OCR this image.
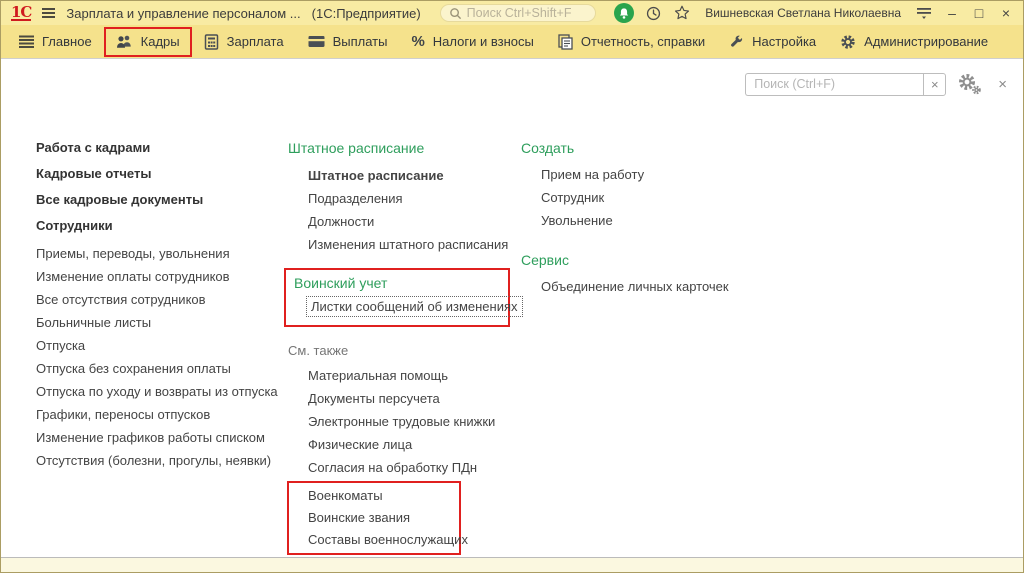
1С	Зарплата и управление персоналом ... (1С:Предприятие)	Поиск Ctrl+Shift+F	Вишневская Светлана Николаевна	–	□	×
Главное	Кадры	Зарплата	Выплаты % Налоги и взносы	Отчетность, справки	Настройка	Администрирование
Поиск (Ctrl+F)
×	×
Работа с кадрами
Кадровые отчеты
Все кадровые документы
Сотрудники
Приемы, переводы, увольнения
Изменение оплаты сотрудников
Все отсутствия сотрудников
Больничные листы
Отпуска
Отпуска без сохранения оплаты
Отпуска по уходу и возвраты из отпуска
Графики, переносы отпусков
Изменение графиков работы списком
Отсутствия (болезни, прогулы, неявки)
Штатное расписание
Штатное расписание
Подразделения
Должности
Изменения штатного расписания
Воинский учет
Листки сообщений об изменениях
См. также
Материальная помощь
Документы персучета
Электронные трудовые книжки
Физические лица
Согласия на обработку ПДн
Военкоматы
Воинские звания
Составы военнослужащих
Создать
Прием на работу
Сотрудник
Увольнение
Сервис
Объединение личных карточек
